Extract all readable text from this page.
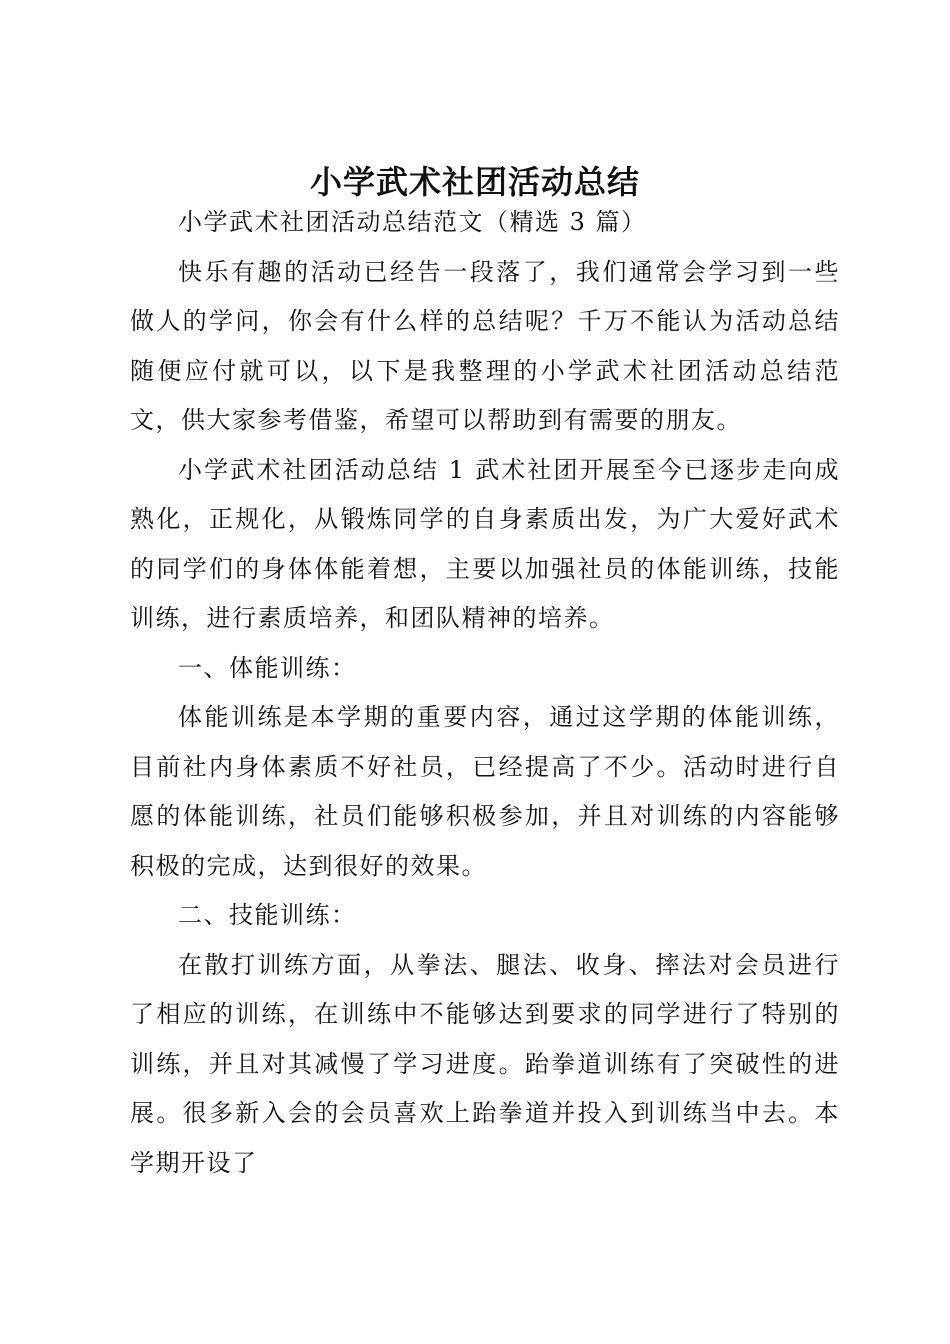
小学武术社团活动总结

小学武术社团活动总结范文（精选 3 篇）

快乐有趣的活动已经告一段落了，我们通常会学习到一些做人的学问，你会有什么样的总结呢？千万不能认为活动总结随便应付就可以，以下是我整理的小学武术社团活动总结范文，供大家参考借鉴，希望可以帮助到有需要的朋友。

小学武术社团活动总结 1 武术社团开展至今已逐步走向成熟化，正规化，从锻炼同学的自身素质出发，为广大爱好武术的同学们的身体体能着想，主要以加强社员的体能训练，技能训练，进行素质培养，和团队精神的培养。

一、体能训练：

体能训练是本学期的重要内容，通过这学期的体能训练，目前社内身体素质不好社员，已经提高了不少。活动时进行自愿的体能训练，社员们能够积极参加，并且对训练的内容能够积极的完成，达到很好的效果。

二、技能训练：

在散打训练方面，从拳法、腿法、收身、摔法对会员进行了相应的训练，在训练中不能够达到要求的同学进行了特别的训练，并且对其减慢了学习进度。跆拳道训练有了突破性的进展。很多新入会的会员喜欢上跆拳道并投入到训练当中去。本学期开设了
